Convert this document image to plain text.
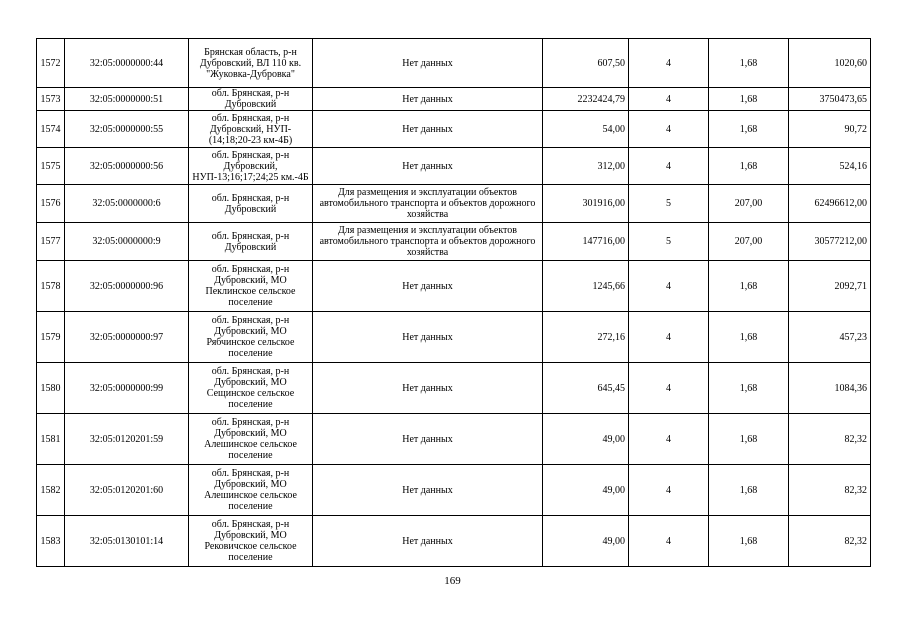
1572	32:05:0000000:44	Брянская область, р-н Дубровский, ВЛ 110 кв. "Жуковка-Дубровка"	Нет данных	607,50	4	1,68	1020,60
1573	32:05:0000000:51	обл. Брянская, р-н Дубровский	Нет данных	2232424,79	4	1,68	3750473,65
1574	32:05:0000000:55	обл. Брянская, р-н Дубровский, НУП-(14;18;20-23 км-4Б)	Нет данных	54,00	4	1,68	90,72
1575	32:05:0000000:56	обл. Брянская, р-н Дубровский, НУП-13;16;17;24;25 км.-4Б	Нет данных	312,00	4	1,68	524,16
1576	32:05:0000000:6	обл. Брянская, р-н Дубровский	Для размещения и эксплуатации объектов автомобильного транспорта и объектов дорожного хозяйства	301916,00	5	207,00	62496612,00
1577	32:05:0000000:9	обл. Брянская, р-н Дубровский	Для размещения и эксплуатации объектов автомобильного транспорта и объектов дорожного хозяйства	147716,00	5	207,00	30577212,00
1578	32:05:0000000:96	обл. Брянская, р-н Дубровский, МО Пеклинское сельское поселение	Нет данных	1245,66	4	1,68	2092,71
1579	32:05:0000000:97	обл. Брянская, р-н Дубровский, МО Рябчинское сельское поселение	Нет данных	272,16	4	1,68	457,23
1580	32:05:0000000:99	обл. Брянская, р-н Дубровский, МО Сещинское сельское поселение	Нет данных	645,45	4	1,68	1084,36
1581	32:05:0120201:59	обл. Брянская, р-н Дубровский, МО Алешинское сельское поселение	Нет данных	49,00	4	1,68	82,32
1582	32:05:0120201:60	обл. Брянская, р-н Дубровский, МО Алешинское сельское поселение	Нет данных	49,00	4	1,68	82,32
1583	32:05:0130101:14	обл. Брянская, р-н Дубровский, МО Рековичское сельское поселение	Нет данных	49,00	4	1,68	82,32
169
